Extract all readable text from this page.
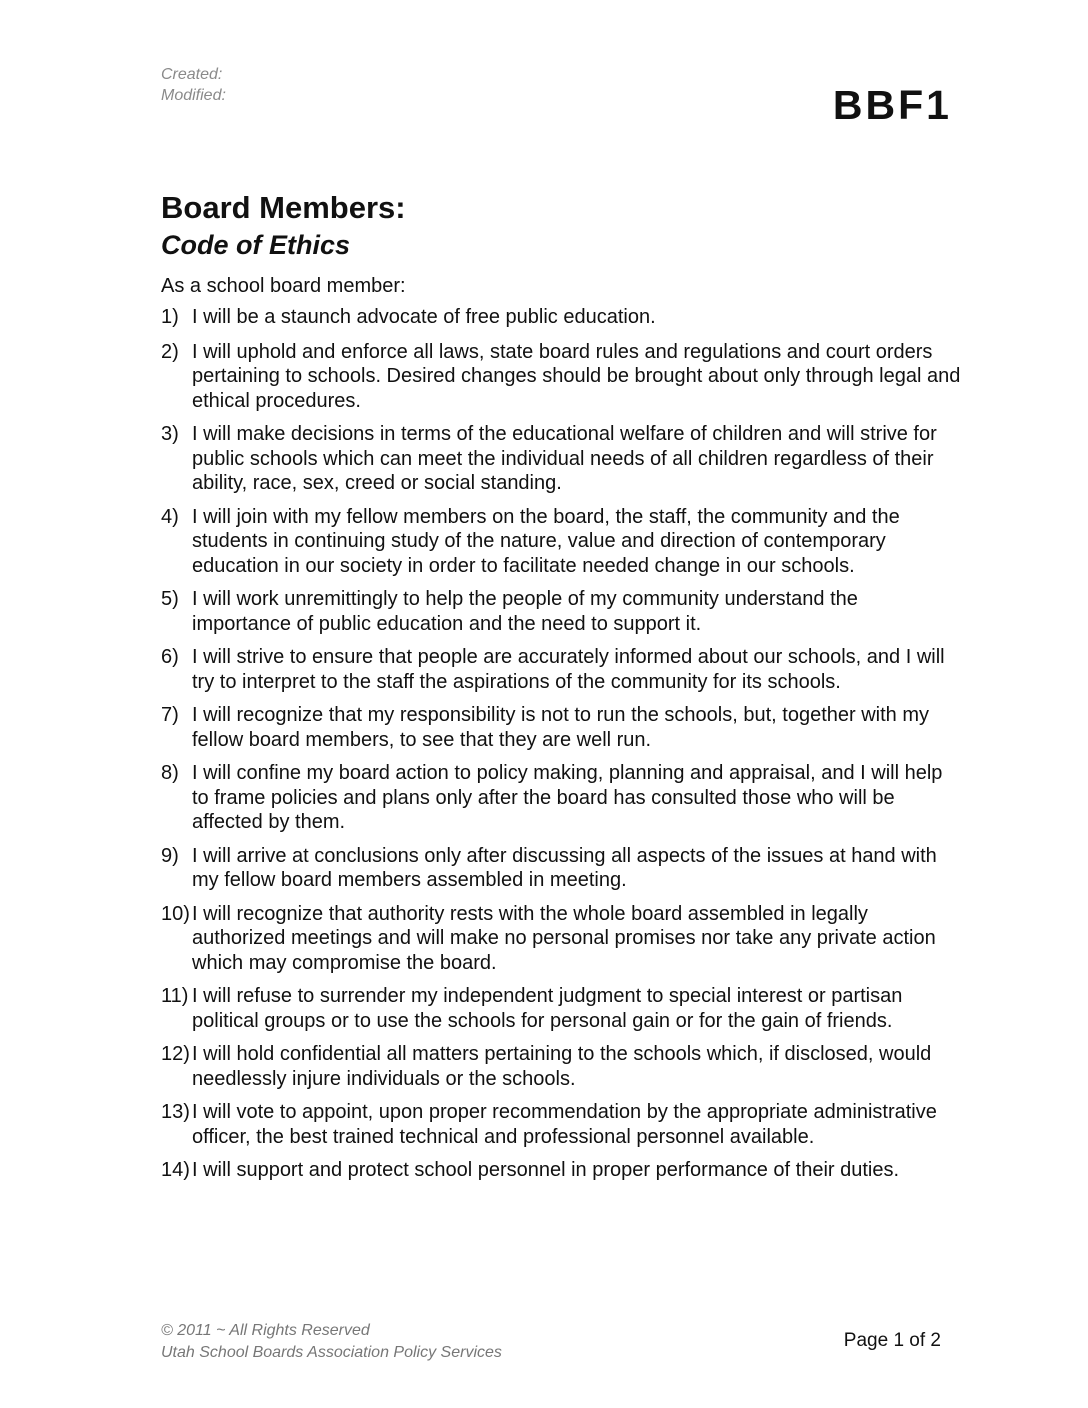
Created:
Modified:	BBF1
Board Members:
Code of Ethics
As a school board member:
1) I will be a staunch advocate of free public education.
2) I will uphold and enforce all laws, state board rules and regulations and court orders pertaining to schools. Desired changes should be brought about only through legal and ethical procedures.
3) I will make decisions in terms of the educational welfare of children and will strive for public schools which can meet the individual needs of all children regardless of their ability, race, sex, creed or social standing.
4) I will join with my fellow members on the board, the staff, the community and the students in continuing study of the nature, value and direction of contemporary education in our society in order to facilitate needed change in our schools.
5) I will work unremittingly to help the people of my community understand the importance of public education and the need to support it.
6) I will strive to ensure that people are accurately informed about our schools, and I will try to interpret to the staff the aspirations of the community for its schools.
7) I will recognize that my responsibility is not to run the schools, but, together with my fellow board members, to see that they are well run.
8) I will confine my board action to policy making, planning and appraisal, and I will help to frame policies and plans only after the board has consulted those who will be affected by them.
9) I will arrive at conclusions only after discussing all aspects of the issues at hand with my fellow board members assembled in meeting.
10) I will recognize that authority rests with the whole board assembled in legally authorized meetings and will make no personal promises nor take any private action which may compromise the board.
11) I will refuse to surrender my independent judgment to special interest or partisan political groups or to use the schools for personal gain or for the gain of friends.
12) I will hold confidential all matters pertaining to the schools which, if disclosed, would needlessly injure individuals or the schools.
13) I will vote to appoint, upon proper recommendation by the appropriate administrative officer, the best trained technical and professional personnel available.
14) I will support and protect school personnel in proper performance of their duties.
© 2011 ~ All Rights Reserved
Utah School Boards Association Policy Services
Page 1 of 2
